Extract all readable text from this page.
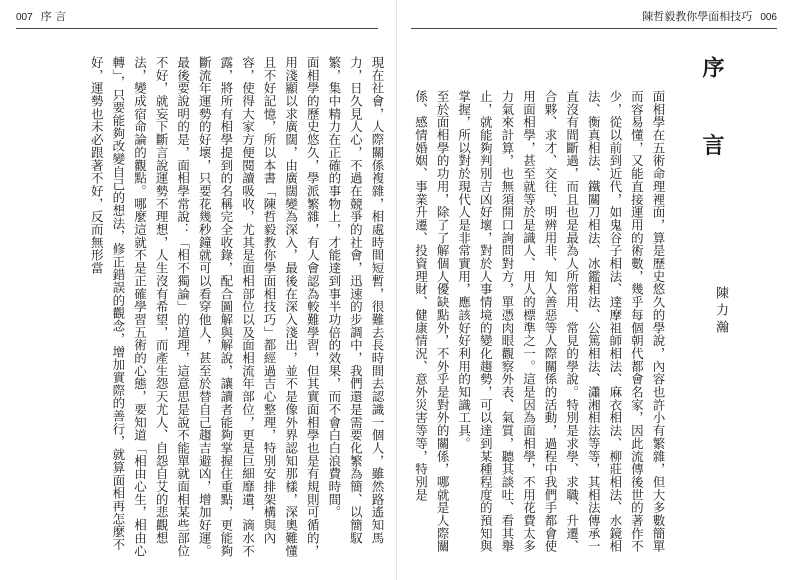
007 序 言

現在社會，人際關係複雜，相處時間短暫，很難去長時間去認識一個人，雖然路遙知馬力，日久見人心，不過在競爭的社會，迅速的步調中，我們還是需要化繁為簡、以簡馭繁，集中精力在正確的事物上，才能達到事半功倍的效果，而不會白白浪費時間。

面相學的歷史悠久，學派繁雜，有人會認為較難學習，但其實面相學也是有規則可循的，用淺顯以求廣闊，由廣闊變為深入，最後在深入淺出，並不是像外界認知那樣，深奧難懂且不好記憶，所以本書「陳哲毅教你學面相技巧」都經過吉心整理，特別安排架構與內容，使得大家方便閱讀吸收，尤其是面相部位以及面相流年部位，更是巨細靡遺，滴水不露，將所有相學提到的名稱完全收錄，配合圖解與解說，讓讀者能夠掌握住重點，更能夠斷流年運勢的好壞，只要花幾秒鐘就可以看穿他人，甚至於替自己趨吉避凶，增加好運。

最後要說明的是，面相學常說：「相不獨論」的道理，這意思是說不能單就面相某些部位不好，就妄下斷言說運勢不理想，人生沒有希望，而產生怨天尤人、自怨自艾的悲觀想法，變成宿命論的觀點。哪麼這就不是正確學習五術的心態，要知道「相由心生，相由心轉」，只要能夠改變自己的想法，修正錯誤的觀念，增加實際的善行，就算面相再怎麼不好，運勢也未必跟著不好，反而無形當

陳哲毅教你學面相技巧 006
序 言
陳力瀚

面相學在五術命理裡面，算是歷史悠久的學說，內容也許小有繁雜，但大多數簡單而容易懂，又能直接運用的術數，幾乎每個朝代都會名家，因此流傳後世的著作不少，從以前到近代，如鬼谷子相法、達摩祖師相法、麻衣相法、柳莊相法、水鏡相法、衡真相法、鐵關刀相法、冰鑑相法、公篤相法、瀟湘相法等等，其相法傳承一直沒有間斷過，而且也是最為人所常用、常見的學說。特別是求學、求職、升遷、合夥、求才、交往、明辨用非、知人善惡等人際關係的活動，過程中我們手都會使用面相學，甚至就等於是識人、用人的標準之一。這是因為面相學，不用花費太多力氣來計算，也無須開口詢問對方，單憑肉眼觀察外表、氣質，聽其談吐、看其舉止，就能夠判別吉凶好壞，對於人事情境的變化趨勢，可以達到某種程度的預知與掌握，所以對於現代人是非常實用，應該好好利用的知識工具。

至於面相學的功用，除了了解個人優缺點外，不外乎是對外的關係，哪就是人際關係、感情婚姻、事業升遷、投資理財、健康情況、意外災害等等，特別是
